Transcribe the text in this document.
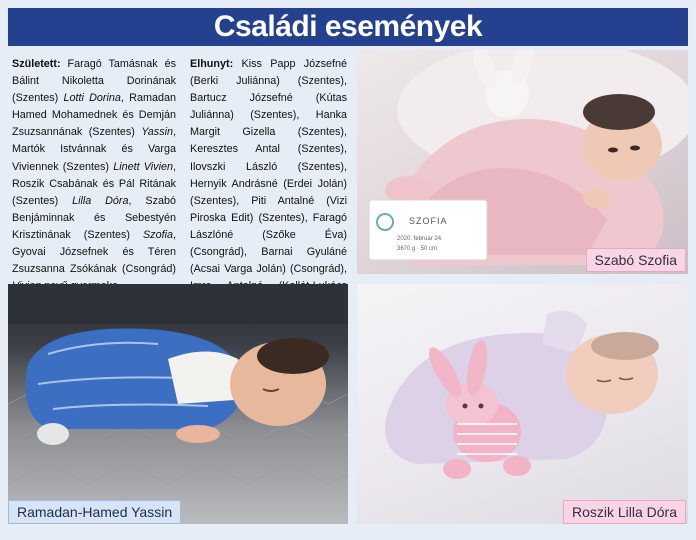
Családi események
Született: Faragó Tamásnak és Bálint Nikoletta Dorinának (Szentes) Lotti Dorina, Ramadan Hamed Mohamednek és Demján Zsuzsannának (Szentes) Yassin, Martók Istvánnak és Varga Viviennek (Szentes) Linett Vivien, Roszik Csabának és Pál Ritának (Szentes) Lilla Dóra, Szabó Benjáminnak és Sebestyén Krisztinának (Szentes) Szofia, Gyovai Józsefnek és Téren Zsuzsanna Zsókának (Csongrád)
Elhunyt: Kiss Papp Józsefné (Berki Juliánna) (Szentes), Bartucz Józsefné (Kútas Juliánna) (Szentes), Hanka Margit Gizella (Szentes), Keresztes Antal (Szentes), Ilovszki László (Szentes), Hernyik Andrásné (Erdei Jolán) (Szentes), Piti Antalné (Vizi Piroska Edit) (Szentes), Faragó Lászlóné (Szőke Éva) (Csongrád), Barnai Gyuláné (Acsai Varga Jolán) (Csongrád),
SZOFIA
2020. február 24.
3670 g · 50 cm
Szabó Szofia
Ramadan-Hamed Yassin	Roszik Lilla Dóra
